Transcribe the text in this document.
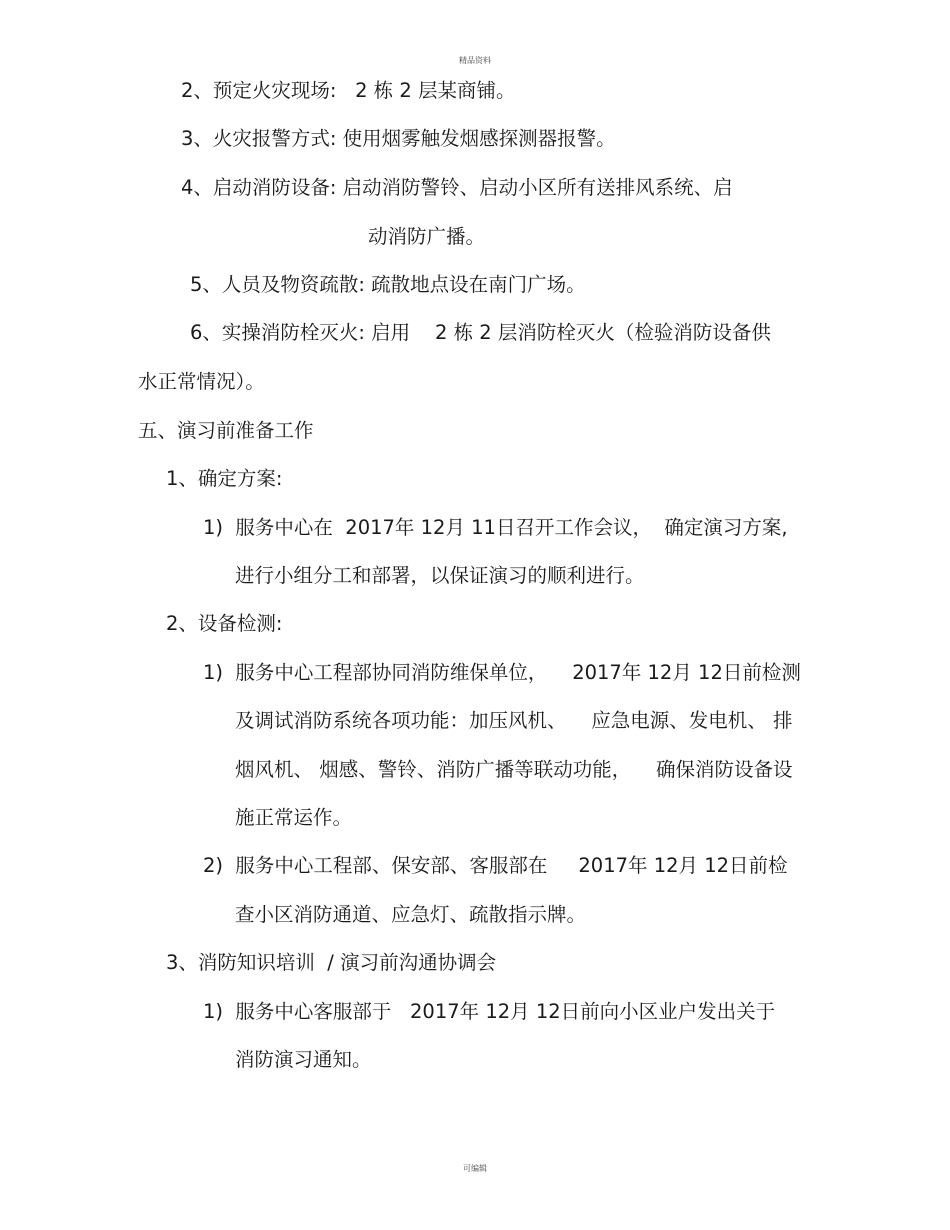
精品资料
2、预定火灾现场:   2 栋 2 层某商铺。
3、火灾报警方式: 使用烟雾触发烟感探测器报警。
4、启动消防设备: 启动消防警铃、启动小区所有送排风系统、启
动消防广播。
5、人员及物资疏散: 疏散地点设在南门广场。
6、实操消防栓灭火: 启用    2 栋 2 层消防栓灭火（检验消防设备供
水正常情况）。
五、演习前准备工作
1、确定方案:
1)  服务中心在  2017年 12月 11日召开工作会议，  确定演习方案,
进行小组分工和部署，以保证演习的顺利进行。
2、设备检测:
1)  服务中心工程部协同消防维保单位，    2017年 12月 12日前检测
及调试消防系统各项功能：加压风机、    应急电源、发电机、 排
烟风机、 烟感、警铃、消防广播等联动功能，    确保消防设备设
施正常运作。
2)  服务中心工程部、保安部、客服部在     2017年 12月 12日前检
查小区消防通道、应急灯、疏散指示牌。
3、消防知识培训  / 演习前沟通协调会
1)  服务中心客服部于   2017年 12月 12日前向小区业户发出关于
消防演习通知。
可编辑
